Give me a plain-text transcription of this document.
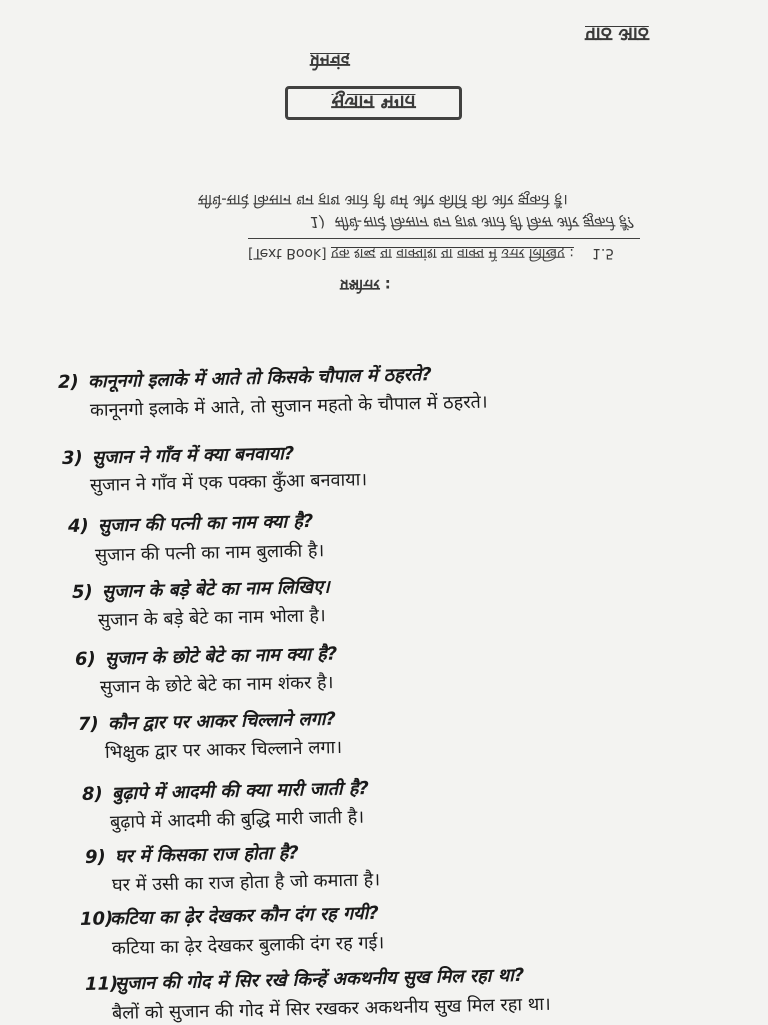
पाठ आठ
प्रेमचंद
सुजान भगत
सीधे-सादे किसान धन हाथ आते ही धर्म और कीर्ति की ओर झुकते हैं।
1) सीधे-सादे किसान धन हाथ आते ही किस ओर झुकते हैं?
[Text Book] एक शब्द या वाक्यांश या वाक्य में उत्तर लिखिए : 1.5
प्रश्नोत्तर :
2) कानूनगो इलाके में आते तो किसके चौपाल में ठहरते?
कानूनगो इलाके में आते, तो सुजान महतो के चौपाल में ठहरते।
3) सुजान ने गाँव में क्या बनवाया?
सुजान ने गाँव में एक पक्का कुँआ बनवाया।
4) सुजान की पत्नी का नाम क्या है?
सुजान की पत्नी का नाम बुलाकी है।
5) सुजान के बड़े बेटे का नाम लिखिए।
सुजान के बड़े बेटे का नाम भोला है।
6) सुजान के छोटे बेटे का नाम क्या है?
सुजान के छोटे बेटे का नाम शंकर है।
7) कौन द्वार पर आकर चिल्लाने लगा?
भिक्षुक द्वार पर आकर चिल्लाने लगा।
8) बुढ़ापे में आदमी की क्या मारी जाती है?
बुढ़ापे में आदमी की बुद्धि मारी जाती है।
9) घर में किसका राज होता है?
घर में उसी का राज होता है जो कमाता है।
10)कटिया का ढ़ेर देखकर कौन दंग रह गयी?
कटिया का ढ़ेर देखकर बुलाकी दंग रह गई।
11)सुजान की गोद में सिर रखे किन्हें अकथनीय सुख मिल रहा था?
बैलों को सुजान की गोद में सिर रखकर अकथनीय सुख मिल रहा था।
